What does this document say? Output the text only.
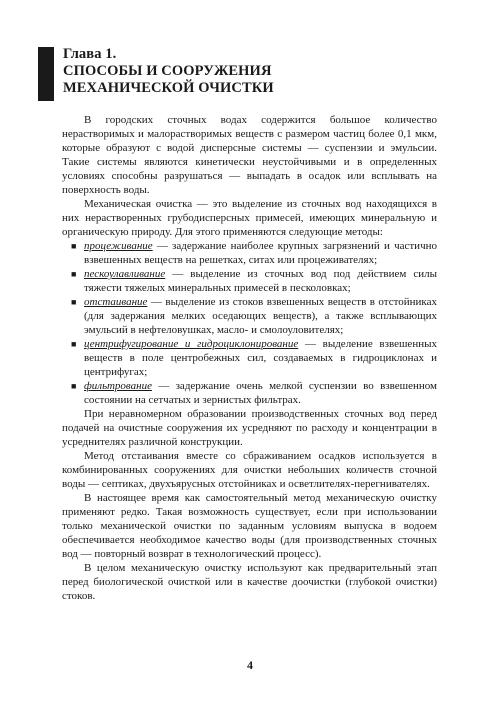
Глава 1.
СПОСОБЫ И СООРУЖЕНИЯ
МЕХАНИЧЕСКОЙ ОЧИСТКИ

В городских сточных водах содержится большое количество нерастворимых и малорастворимых веществ с размером частиц более 0,1 мкм, которые образуют с водой дисперсные системы — суспензии и эмульсии. Такие системы являются кинетически неустойчивыми и в определенных условиях способны разрушаться — выпадать в осадок или всплывать на поверхность воды.

Механическая очистка — это выделение из сточных вод находящихся в них нерастворенных грубодисперсных примесей, имеющих минеральную и органическую природу. Для этого применяются следующие методы:

■ процеживание — задержание наиболее крупных загрязнений и частично взвешенных веществ на решетках, ситах или процеживателях;
■ пескоулавливание — выделение из сточных вод под действием силы тяжести тяжелых минеральных примесей в песколовках;
■ отстаивание — выделение из стоков взвешенных веществ в отстойниках (для задержания мелких оседающих веществ), а также всплывающих эмульсий в нефтеловушках, масло- и смолоуловителях;
■ центрифугирование и гидроциклонирование — выделение взвешенных веществ в поле центробежных сил, создаваемых в гидроциклонах и центрифугах;
■ фильтрование — задержание очень мелкой суспензии во взвешенном состоянии на сетчатых и зернистых фильтрах.

При неравномерном образовании производственных сточных вод перед подачей на очистные сооружения их усредняют по расходу и концентрации в усреднителях различной конструкции.

Метод отстаивания вместе со сбраживанием осадков используется в комбинированных сооружениях для очистки небольших количеств сточной воды — септиках, двухъярусных отстойниках и осветлителях-перегнивателях.

В настоящее время как самостоятельный метод механическую очистку применяют редко. Такая возможность существует, если при использовании только механической очистки по заданным условиям выпуска в водоем обеспечивается необходимое качество воды (для производственных сточных вод — повторный возврат в технологический процесс).

В целом механическую очистку используют как предварительный этап перед биологической очисткой или в качестве доочистки (глубокой очистки) стоков.

4
